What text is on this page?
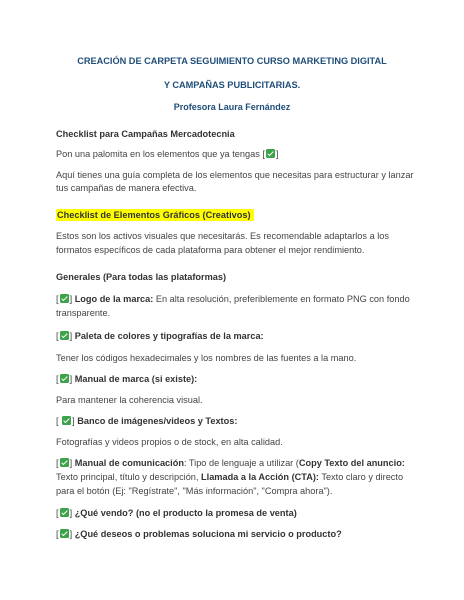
CREACIÓN DE CARPETA SEGUIMIENTO CURSO MARKETING DIGITAL
Y CAMPAÑAS PUBLICITARIAS.
Profesora Laura Fernández
Checklist para Campañas Mercadotecnia
Pon una palomita en los elementos que ya tengas [ ]
Aquí tienes una guía completa de los elementos que necesitas para estructurar y lanzar
tus campañas de manera efectiva.
Checklist de Elementos Gráficos (Creativos)
Estos son los activos visuales que necesitarás. Es recomendable adaptarlos a los
formatos específicos de cada plataforma para obtener el mejor rendimiento.
Generales (Para todas las plataformas)
[ ] Logo de la marca: En alta resolución, preferiblemente en formato PNG con fondo
transparente.
[ ] Paleta de colores y tipografías de la marca:
Tener los códigos hexadecimales y los nombres de las fuentes a la mano.
[ ] Manual de marca (si existe):
Para mantener la coherencia visual.
[ ] Banco de imágenes/videos y Textos:
Fotografías y videos propios o de stock, en alta calidad.
[ ] Manual de comunicación: Tipo de lenguaje a utilizar (Copy Texto del anuncio:
Texto principal, título y descripción, Llamada a la Acción (CTA): Texto claro y directo
para el botón (Ej: "Regístrate", "Más información", "Compra ahora").
[ ] ¿Qué vendo? (no el producto la promesa de venta)
[ ] ¿Qué deseos o problemas soluciona mi servicio o producto?
